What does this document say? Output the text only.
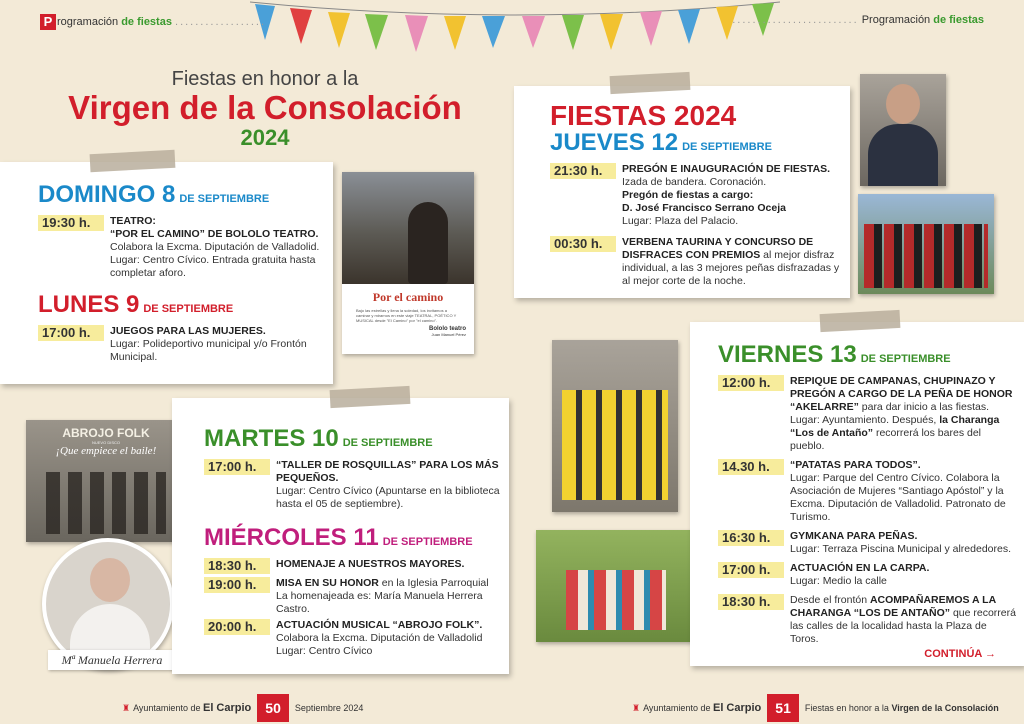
P rogramación de fiestas ..................	......................... Programación de fiestas
Fiestas en honor a la
Virgen de la Consolación
2024
DOMINGO 8 DE SEPTIEMBRE
19:30 h.	TEATRO:
“POR EL CAMINO” DE BOLOLO TEATRO.
Colabora la Excma. Diputación de Valladolid. Lugar: Centro Cívico. Entrada gratuita hasta completar aforo.
LUNES 9 DE SEPTIEMBRE
17:00 h.	JUEGOS PARA LAS MUJERES.
Lugar: Polideportivo municipal y/o Frontón Municipal.
Por el camino
Bajo las estrellas y llena la soledad, los invitamos a caminar y mirarnos en este viaje TEATRAL, POÉTICO Y MUSICAL desde "El Camino" por "el camino".
Bololo teatro
Juan Manuel Pérez
ABROJO FOLK
NUEVO DISCO
¡Que empiece el baile!
Mª Manuela Herrera
MARTES 10 DE SEPTIEMBRE
17:00 h.	“TALLER DE ROSQUILLAS” PARA LOS MÁS PEQUEÑOS.
Lugar: Centro Cívico (Apuntarse en la biblioteca hasta el 05 de septiembre).
MIÉRCOLES 11 DE SEPTIEMBRE
18:30 h.	HOMENAJE A NUESTROS MAYORES.
19:00 h.	MISA EN SU HONOR en la Iglesia Parroquial
La homenajeada es: María Manuela Herrera Castro.
20:00 h.	ACTUACIÓN MUSICAL “ABROJO FOLK”.
Colabora la Excma. Diputación de Valladolid Lugar: Centro Cívico
FIESTAS 2024
JUEVES 12 DE SEPTIEMBRE
21:30 h.	PREGÓN E INAUGURACIÓN DE FIESTAS.
Izada de bandera. Coronación.
Pregón de fiestas a cargo:
D. José Francisco Serrano Oceja
Lugar: Plaza del Palacio.
00:30 h.	VERBENA TAURINA Y CONCURSO DE DISFRACES CON PREMIOS al mejor disfraz individual, a las 3 mejores peñas disfrazadas y al mejor corte de la noche.
VIERNES 13 DE SEPTIEMBRE
12:00 h.	REPIQUE DE CAMPANAS, CHUPINAZO Y PREGÓN A CARGO DE LA PEÑA DE HONOR “AKELARRE” para dar inicio a las fiestas. Lugar: Ayuntamiento. Después, la Charanga “Los de Antaño” recorrerá los bares del pueblo.
14.30 h.	“PATATAS PARA TODOS”.
Lugar: Parque del Centro Cívico. Colabora la Asociación de Mujeres “Santiago Apóstol” y la Excma. Diputación de Valladolid. Patronato de Turismo.
16:30 h.	GYMKANA PARA PEÑAS.
Lugar: Terraza Piscina Municipal y alrededores.
17:00 h.	ACTUACIÓN EN LA CARPA.
Lugar: Medio la calle
18:30 h.	Desde el frontón ACOMPAÑAREMOS A LA CHARANGA “LOS DE ANTAÑO” que recorrerá las calles de la localidad hasta la Plaza de Toros.
CONTINÚA →
♜ Ayuntamiento de
El Carpio	50	Septiembre 2024	♜ Ayuntamiento de
El Carpio	51	Fiestas en honor a la
Virgen de la Consolación
